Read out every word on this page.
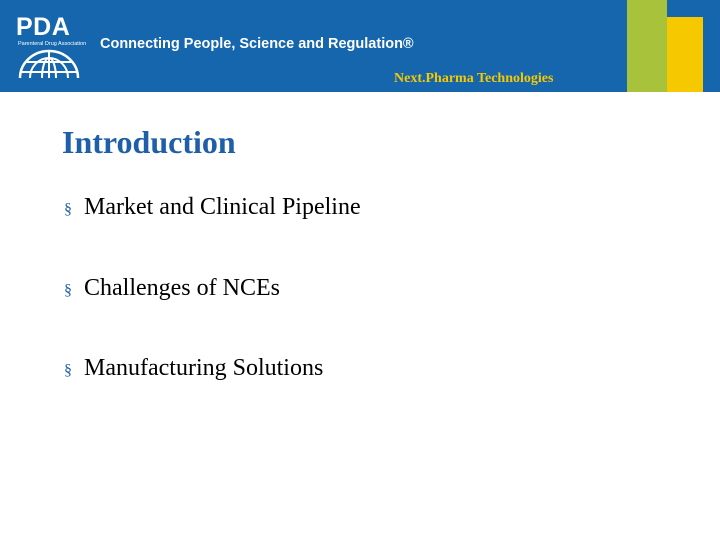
PDA
Parenteral Drug Association Connecting People, Science and Regulation®
Next.Pharma Technologies
Introduction
§ Market and Clinical Pipeline
§ Challenges of NCEs
§ Manufacturing Solutions
